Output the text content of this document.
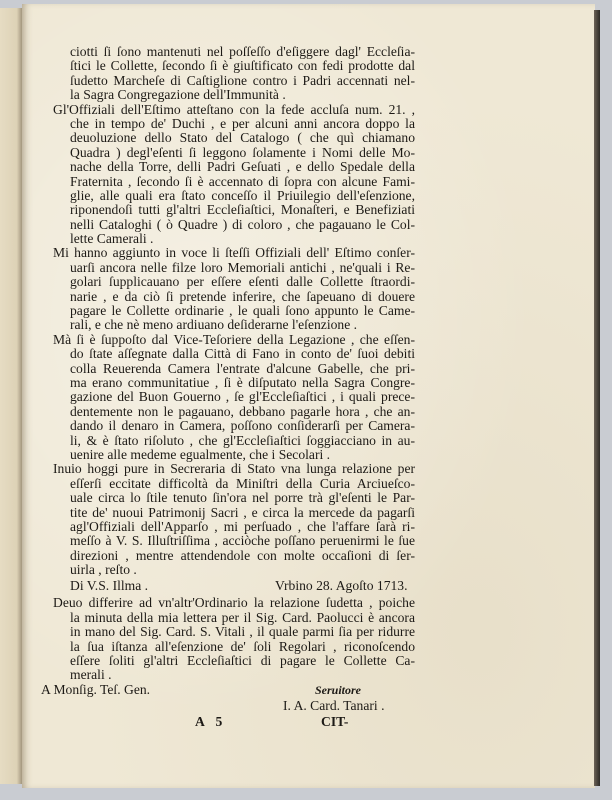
ciotti ſi ſono mantenuti nel poſſeſſo d'eſiggere dagl' Eccleſia-
ſtici le Collette, ſecondo ſi è giuſtificato con fedi prodotte dal
ſudetto Marcheſe di Caſtiglione contro i Padri accennati nel-
la Sagra Congregazione dell'Immunità .
Gl'Offiziali dell'Eſtimo atteſtano con la fede accluſa num. 21. ,
che in tempo de' Duchi , e per alcuni anni ancora doppo la
deuoluzione dello Stato del Catalogo ( che quì chiamano
Quadra ) degl'eſenti ſi leggono ſolamente i Nomi delle Mo-
nache della Torre, delli Padri Geſuati , e dello Spedale della
Fraternita , ſecondo ſi è accennato di ſopra con alcune Fami-
glie, alle quali era ſtato conceſſo il Priuilegio dell'eſenzione,
riponendoſi tutti gl'altri Eccleſiaſtici, Monaſteri, e Benefiziati
nelli Cataloghi ( ò Quadre ) di coloro , che pagauano le Col-
lette Camerali .
Mi hanno aggiunto in voce li ſteſſi Offiziali dell' Eſtimo conſer-
uarſi ancora nelle filze loro Memoriali antichi , ne'quali i Re-
golari ſupplicauano per eſſere eſenti dalle Collette ſtraordi-
narie , e da ciò ſi pretende inferire, che ſapeuano di douere
pagare le Collette ordinarie , le quali ſono appunto le Came-
rali, e che nè meno ardiuano deſiderarne l'eſenzione .
Mà ſi è ſuppoſto dal Vice-Teſoriere della Legazione , che eſſen-
do ſtate aſſegnate dalla Città di Fano in conto de' ſuoi debiti
colla Reuerenda Camera l'entrate d'alcune Gabelle, che pri-
ma erano communitatiue , ſi è diſputato nella Sagra Congre-
gazione del Buon Gouerno , ſe gl'Eccleſiaſtici , i quali prece-
dentemente non le pagauano, debbano pagarle hora , che an-
dando il denaro in Camera, poſſono conſiderarſi per Camera-
li, & è ſtato riſoluto , che gl'Eccleſiaſtici ſoggiacciano in au-
uenire alle medeme egualmente, che i Secolari .
Inuio hoggi pure in Secreraria di Stato vna lunga relazione per
eſſerſi eccitate difficoltà da Miniſtri della Curia Arciueſco-
uale circa lo ſtile tenuto ſin'ora nel porre trà gl'eſenti le Par-
tite de' nuoui Patrimonij Sacri , e circa la mercede da pagarſi
agl'Offiziali dell'Apparſo , mi perſuado , che l'affare ſarà ri-
meſſo à V. S. Illuſtriſſima , acciòche poſſano peruenirmi le ſue
direzioni , mentre attendendole con molte occaſioni di ſer-
uirla , reſto .
Di V.S. Illma .	Vrbino 28. Agoſto 1713.
Deuo differire ad vn'altr'Ordinario la relazione ſudetta , poiche
la minuta della mia lettera per il Sig. Card. Paolucci è ancora
in mano del Sig. Card. S. Vitali , il quale parmi ſia per ridurre
la ſua iſtanza all'eſenzione de' ſoli Regolari , riconoſcendo
eſſere ſoliti gl'altri Eccleſiaſtici di pagare le Collette Ca-
merali .
A Monſig. Teſ. Gen.	Seruitore
I. A. Card. Tanari .
A 5	CIT-
